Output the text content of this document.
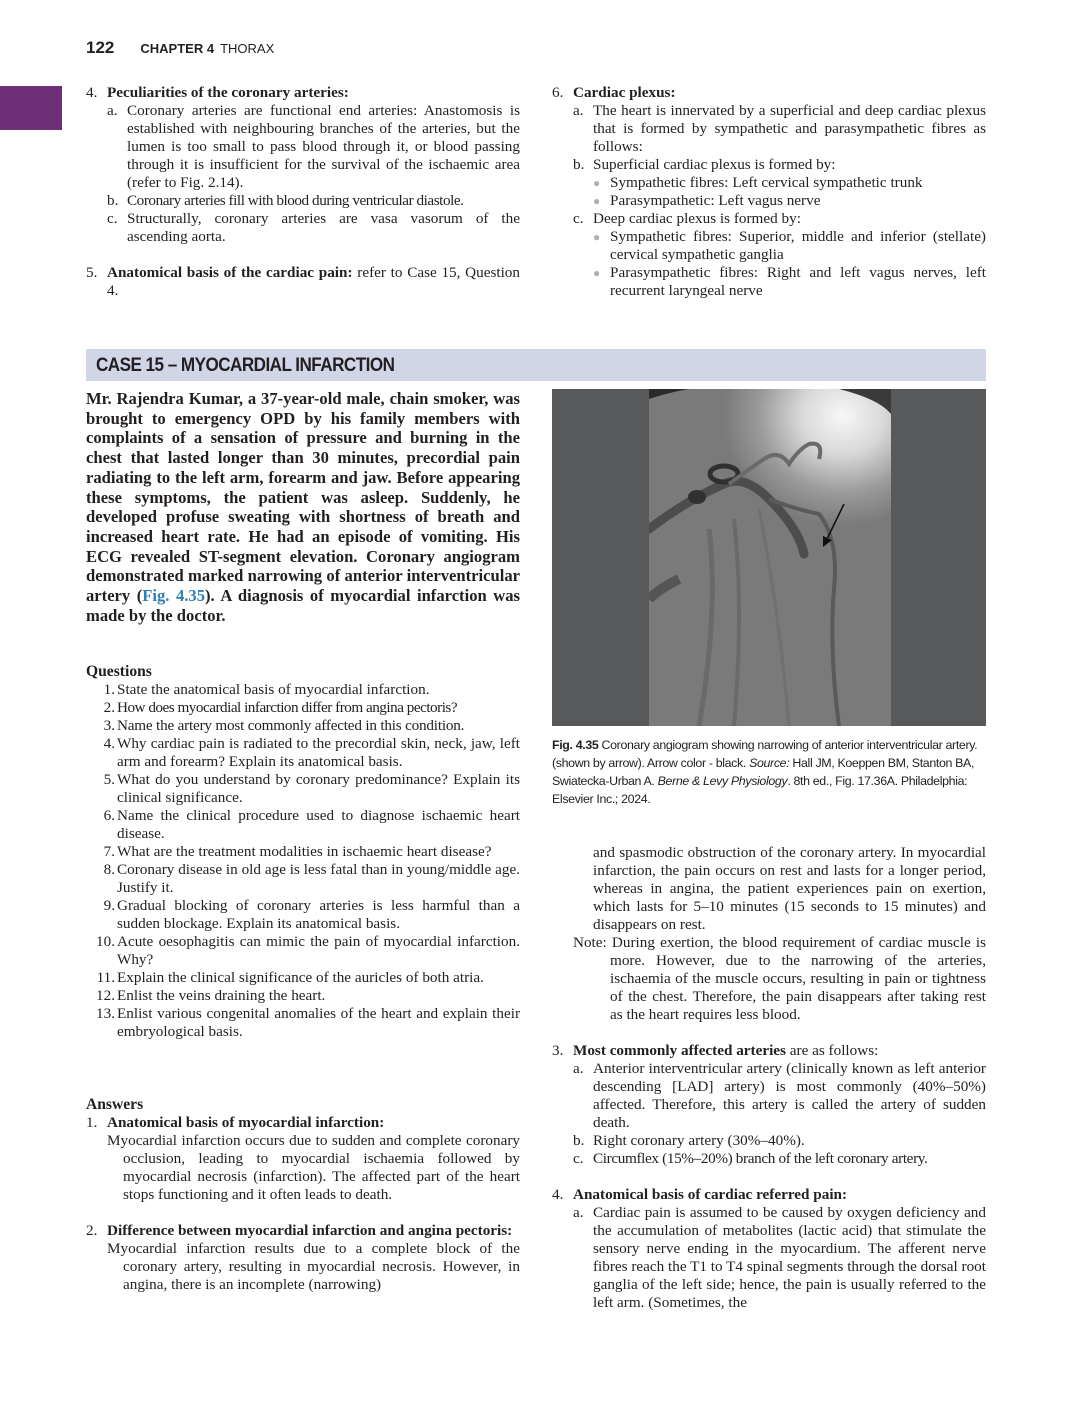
122 CHAPTER 4 THORAX
4. Peculiarities of the coronary arteries:
a. Coronary arteries are functional end arteries: Anastomosis is established with neighbouring branches of the arteries, but the lumen is too small to pass blood through it, or blood passing through it is insufficient for the survival of the ischaemic area (refer to Fig. 2.14).
b. Coronary arteries fill with blood during ventricular diastole.
c. Structurally, coronary arteries are vasa vasorum of the ascending aorta.
5. Anatomical basis of the cardiac pain: refer to Case 15, Question 4.
6. Cardiac plexus:
a. The heart is innervated by a superficial and deep cardiac plexus that is formed by sympathetic and parasympathetic fibres as follows:
b. Superficial cardiac plexus is formed by:
● Sympathetic fibres: Left cervical sympathetic trunk
● Parasympathetic: Left vagus nerve
c. Deep cardiac plexus is formed by:
● Sympathetic fibres: Superior, middle and inferior (stellate) cervical sympathetic ganglia
● Parasympathetic fibres: Right and left vagus nerves, left recurrent laryngeal nerve
CASE 15 – MYOCARDIAL INFARCTION
Mr. Rajendra Kumar, a 37-year-old male, chain smoker, was brought to emergency OPD by his family members with complaints of a sensation of pressure and burning in the chest that lasted longer than 30 minutes, precordial pain radiating to the left arm, forearm and jaw. Before appearing these symptoms, the patient was asleep. Suddenly, he developed profuse sweating with shortness of breath and increased heart rate. He had an episode of vomiting. His ECG revealed ST-segment elevation. Coronary angiogram demonstrated marked narrowing of anterior interventricular artery (Fig. 4.35). A diagnosis of myocardial infarction was made by the doctor.
Fig. 4.35 Coronary angiogram showing narrowing of anterior interventricular artery. (shown by arrow). Arrow color - black. Source: Hall JM, Koeppen BM, Stanton BA, Swiatecka-Urban A. Berne & Levy Physiology. 8th ed., Fig. 17.36A. Philadelphia: Elsevier Inc.; 2024.
Questions
1. State the anatomical basis of myocardial infarction.
2. How does myocardial infarction differ from angina pectoris?
3. Name the artery most commonly affected in this condition.
4. Why cardiac pain is radiated to the precordial skin, neck, jaw, left arm and forearm? Explain its anatomical basis.
5. What do you understand by coronary predominance? Explain its clinical significance.
6. Name the clinical procedure used to diagnose ischaemic heart disease.
7. What are the treatment modalities in ischaemic heart disease?
8. Coronary disease in old age is less fatal than in young/middle age. Justify it.
9. Gradual blocking of coronary arteries is less harmful than a sudden blockage. Explain its anatomical basis.
10. Acute oesophagitis can mimic the pain of myocardial infarction. Why?
11. Explain the clinical significance of the auricles of both atria.
12. Enlist the veins draining the heart.
13. Enlist various congenital anomalies of the heart and explain their embryological basis.
Answers
1. Anatomical basis of myocardial infarction:
Myocardial infarction occurs due to sudden and complete coronary occlusion, leading to myocardial ischaemia followed by myocardial necrosis (infarction). The affected part of the heart stops functioning and it often leads to death.
2. Difference between myocardial infarction and angina pectoris:
Myocardial infarction results due to a complete block of the coronary artery, resulting in myocardial necrosis. However, in angina, there is an incomplete (narrowing)
and spasmodic obstruction of the coronary artery. In myocardial infarction, the pain occurs on rest and lasts for a longer period, whereas in angina, the patient experiences pain on exertion, which lasts for 5–10 minutes (15 seconds to 15 minutes) and disappears on rest.
Note: During exertion, the blood requirement of cardiac muscle is more. However, due to the narrowing of the arteries, ischaemia of the muscle occurs, resulting in pain or tightness of the chest. Therefore, the pain disappears after taking rest as the heart requires less blood.
3. Most commonly affected arteries are as follows:
a. Anterior interventricular artery (clinically known as left anterior descending [LAD] artery) is most commonly (40%–50%) affected. Therefore, this artery is called the artery of sudden death.
b. Right coronary artery (30%–40%).
c. Circumflex (15%–20%) branch of the left coronary artery.
4. Anatomical basis of cardiac referred pain:
a. Cardiac pain is assumed to be caused by oxygen deficiency and the accumulation of metabolites (lactic acid) that stimulate the sensory nerve ending in the myocardium. The afferent nerve fibres reach the T1 to T4 spinal segments through the dorsal root ganglia of the left side; hence, the pain is usually referred to the left arm. (Sometimes, the
